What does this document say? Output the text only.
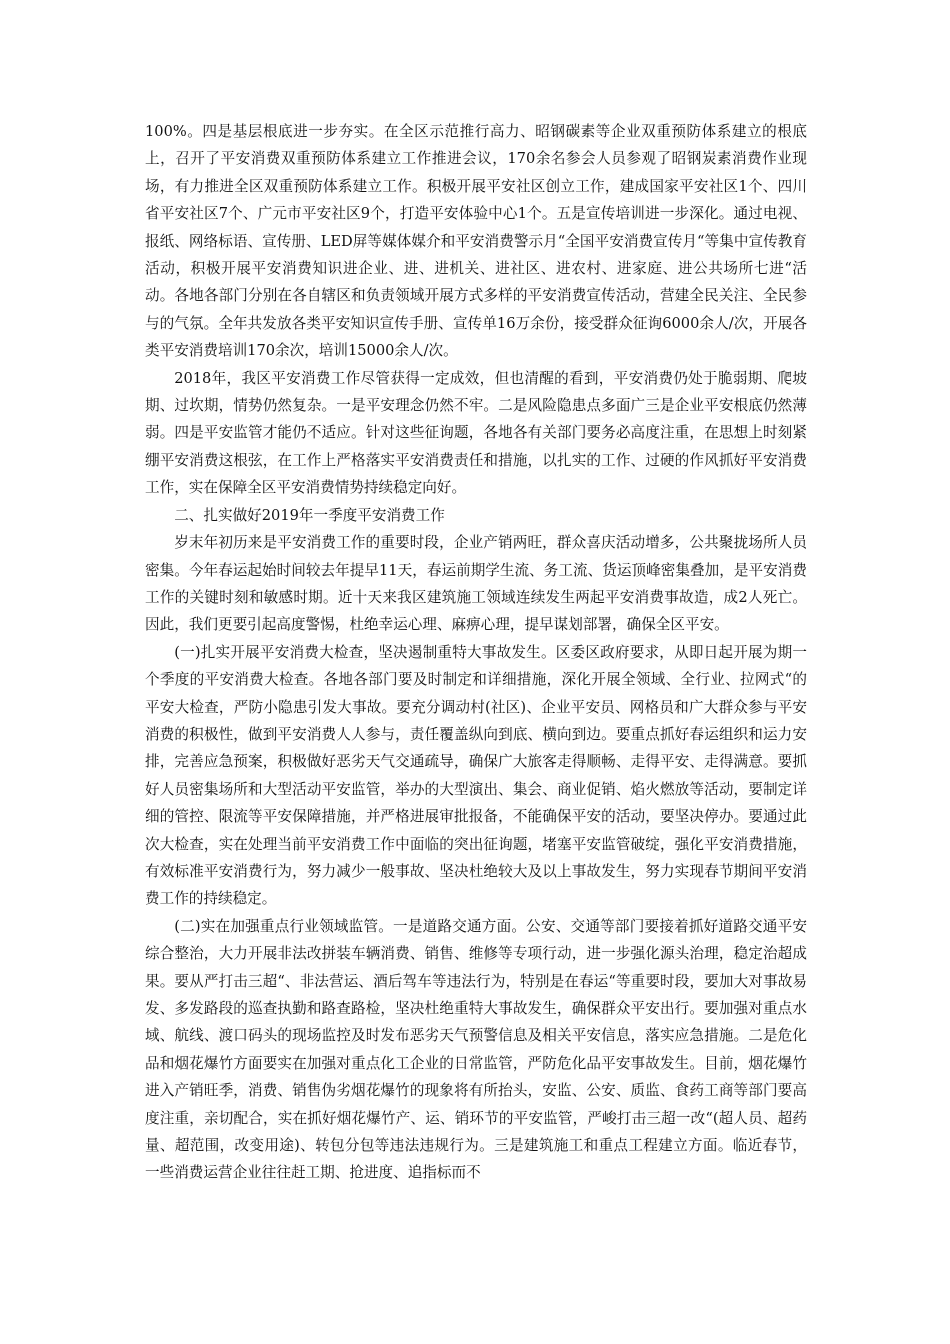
100%。四是基层根底进一步夯实。在全区示范推行高力、昭钢碳素等企业双重预防体系建立的根底上，召开了平安消费双重预防体系建立工作推进会议，170余名参会人员参观了昭钢炭素消费作业现场，有力推进全区双重预防体系建立工作。积极开展平安社区创立工作，建成国家平安社区1个、四川省平安社区7个、广元市平安社区9个，打造平安体验中心1个。五是宣传培训进一步深化。通过电视、报纸、网络标语、宣传册、LED屏等媒体媒介和平安消费警示月“全国平安消费宣传月“等集中宣传教育活动，积极开展平安消费知识进企业、进、进机关、进社区、进农村、进家庭、进公共场所七进“活动。各地各部门分别在各自辖区和负责领域开展方式多样的平安消费宣传活动，营建全民关注、全民参与的气氛。全年共发放各类平安知识宣传手册、宣传单16万余份，接受群众征询6000余人/次，开展各类平安消费培训170余次，培训15000余人/次。

2018年，我区平安消费工作尽管获得一定成效，但也清醒的看到，平安消费仍处于脆弱期、爬坡期、过坎期，情势仍然复杂。一是平安理念仍然不牢。二是风险隐患点多面广三是企业平安根底仍然薄弱。四是平安监管才能仍不适应。针对这些征询题，各地各有关部门要务必高度注重，在思想上时刻紧绷平安消费这根弦，在工作上严格落实平安消费责任和措施，以扎实的工作、过硬的作风抓好平安消费工作，实在保障全区平安消费情势持续稳定向好。

二、扎实做好2019年一季度平安消费工作

岁末年初历来是平安消费工作的重要时段，企业产销两旺，群众喜庆活动增多，公共聚拢场所人员密集。今年春运起始时间较去年提早11天，春运前期学生流、务工流、货运顶峰密集叠加，是平安消费工作的关键时刻和敏感时期。近十天来我区建筑施工领域连续发生两起平安消费事故造，成2人死亡。因此，我们更要引起高度警惕，杜绝幸运心理、麻痹心理，提早谋划部署，确保全区平安。

(一)扎实开展平安消费大检查，坚决遏制重特大事故发生。区委区政府要求，从即日起开展为期一个季度的平安消费大检查。各地各部门要及时制定和详细措施，深化开展全领域、全行业、拉网式“的平安大检查，严防小隐患引发大事故。要充分调动村(社区)、企业平安员、网格员和广大群众参与平安消费的积极性，做到平安消费人人参与，责任覆盖纵向到底、横向到边。要重点抓好春运组织和运力安排，完善应急预案，积极做好恶劣天气交通疏导，确保广大旅客走得顺畅、走得平安、走得满意。要抓好人员密集场所和大型活动平安监管，举办的大型演出、集会、商业促销、焰火燃放等活动，要制定详细的管控、限流等平安保障措施，并严格进展审批报备，不能确保平安的活动，要坚决停办。要通过此次大检查，实在处理当前平安消费工作中面临的突出征询题，堵塞平安监管破绽，强化平安消费措施，有效标准平安消费行为，努力减少一般事故、坚决杜绝较大及以上事故发生，努力实现春节期间平安消费工作的持续稳定。

(二)实在加强重点行业领域监管。一是道路交通方面。公安、交通等部门要接着抓好道路交通平安综合整治，大力开展非法改拼装车辆消费、销售、维修等专项行动，进一步强化源头治理，稳定治超成果。要从严打击三超“、非法营运、酒后驾车等违法行为，特别是在春运“等重要时段，要加大对事故易发、多发路段的巡查执勤和路查路检，坚决杜绝重特大事故发生，确保群众平安出行。要加强对重点水域、航线、渡口码头的现场监控及时发布恶劣天气预警信息及相关平安信息，落实应急措施。二是危化品和烟花爆竹方面要实在加强对重点化工企业的日常监管，严防危化品平安事故发生。目前，烟花爆竹进入产销旺季，消费、销售伪劣烟花爆竹的现象将有所抬头，安监、公安、质监、食药工商等部门要高度注重，亲切配合，实在抓好烟花爆竹产、运、销环节的平安监管，严峻打击三超一改“(超人员、超药量、超范围，改变用途)、转包分包等违法违规行为。三是建筑施工和重点工程建立方面。临近春节，一些消费运营企业往往赶工期、抢进度、追指标而不
